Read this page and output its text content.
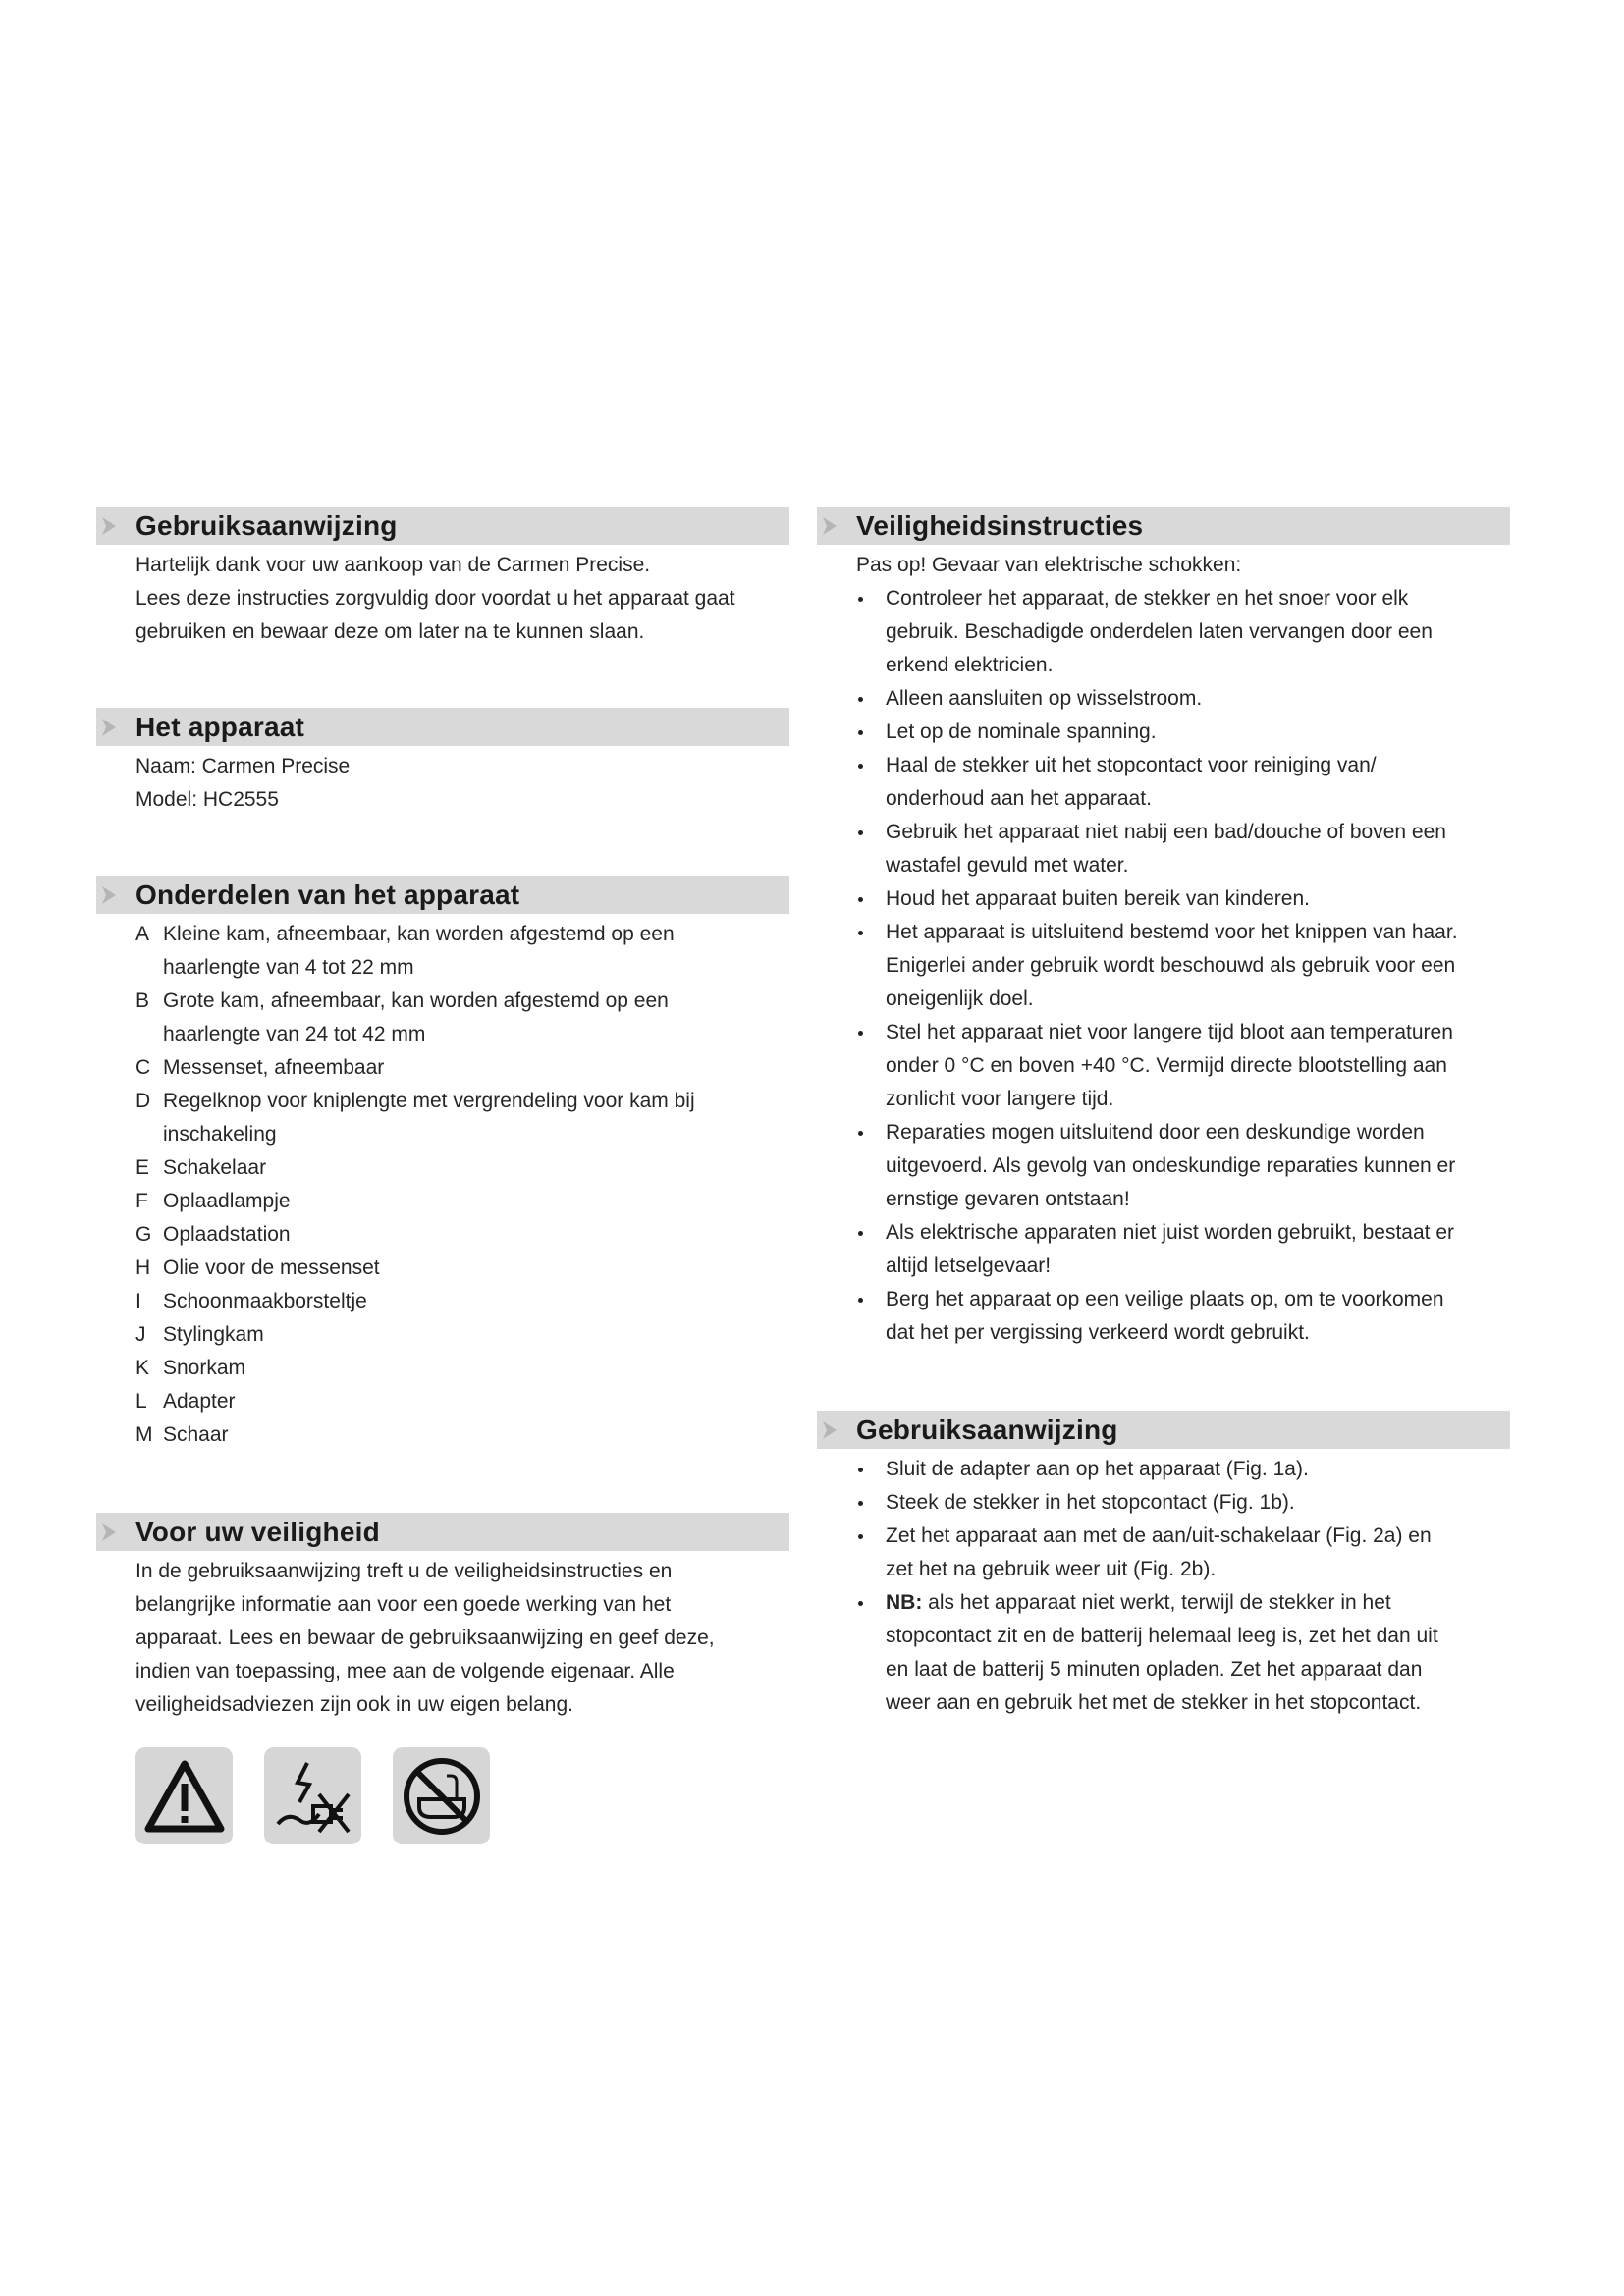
Gebruiksaanwijzing

Hartelijk dank voor uw aankoop van de Carmen Precise.

Lees deze instructies zorgvuldig door voordat u het apparaat gaat

gebruiken en bewaar deze om later na te kunnen slaan.

Het apparaat

Naam: Carmen Precise

Model: HC2555

Onderdelen van het apparaat
A Kleine kam, afneembaar, kan worden afgestemd op een
haarlengte van 4 tot 22 mm
B Grote kam, afneembaar, kan worden afgestemd op een
haarlengte van 24 tot 42 mm
C Messenset, afneembaar
D Regelknop voor kniplengte met vergrendeling voor kam bij
inschakeling
E Schakelaar
F Oplaadlampje
G Oplaadstation
H Olie voor de messenset
I Schoonmaakborsteltje
J Stylingkam
K Snorkam
L Adapter
M Schaar
Voor uw veiligheid

In de gebruiksaanwijzing treft u de veiligheidsinstructies en

belangrijke informatie aan voor een goede werking van het

apparaat. Lees en bewaar de gebruiksaanwijzing en geef deze,

indien van toepassing, mee aan de volgende eigenaar. Alle

veiligheidsadviezen zijn ook in uw eigen belang.

Veiligheidsinstructies

Pas op! Gevaar van elektrische schokken:

Controleer het apparaat, de stekker en het snoer voor elk
gebruik. Beschadigde onderdelen laten vervangen door een
erkend elektricien.
Alleen aansluiten op wisselstroom.
Let op de nominale spanning.
Haal de stekker uit het stopcontact voor reiniging van/
onderhoud aan het apparaat.
Gebruik het apparaat niet nabij een bad/douche of boven een
wastafel gevuld met water.
Houd het apparaat buiten bereik van kinderen.
Het apparaat is uitsluitend bestemd voor het knippen van haar.
Enigerlei ander gebruik wordt beschouwd als gebruik voor een
oneigenlijk doel.
Stel het apparaat niet voor langere tijd bloot aan temperaturen
onder 0 °C en boven +40 °C. Vermijd directe blootstelling aan
zonlicht voor langere tijd.
Reparaties mogen uitsluitend door een deskundige worden
uitgevoerd. Als gevolg van ondeskundige reparaties kunnen er
ernstige gevaren ontstaan!
Als elektrische apparaten niet juist worden gebruikt, bestaat er
altijd letselgevaar!
Berg het apparaat op een veilige plaats op, om te voorkomen
dat het per vergissing verkeerd wordt gebruikt.
Gebruiksaanwijzing
Sluit de adapter aan op het apparaat (Fig. 1a).
Steek de stekker in het stopcontact (Fig. 1b).
Zet het apparaat aan met de aan/uit-schakelaar (Fig. 2a) en
zet het na gebruik weer uit (Fig. 2b).
NB: als het apparaat niet werkt, terwijl de stekker in het
stopcontact zit en de batterij helemaal leeg is, zet het dan uit
en laat de batterij 5 minuten opladen. Zet het apparaat dan
weer aan en gebruik het met de stekker in het stopcontact.
